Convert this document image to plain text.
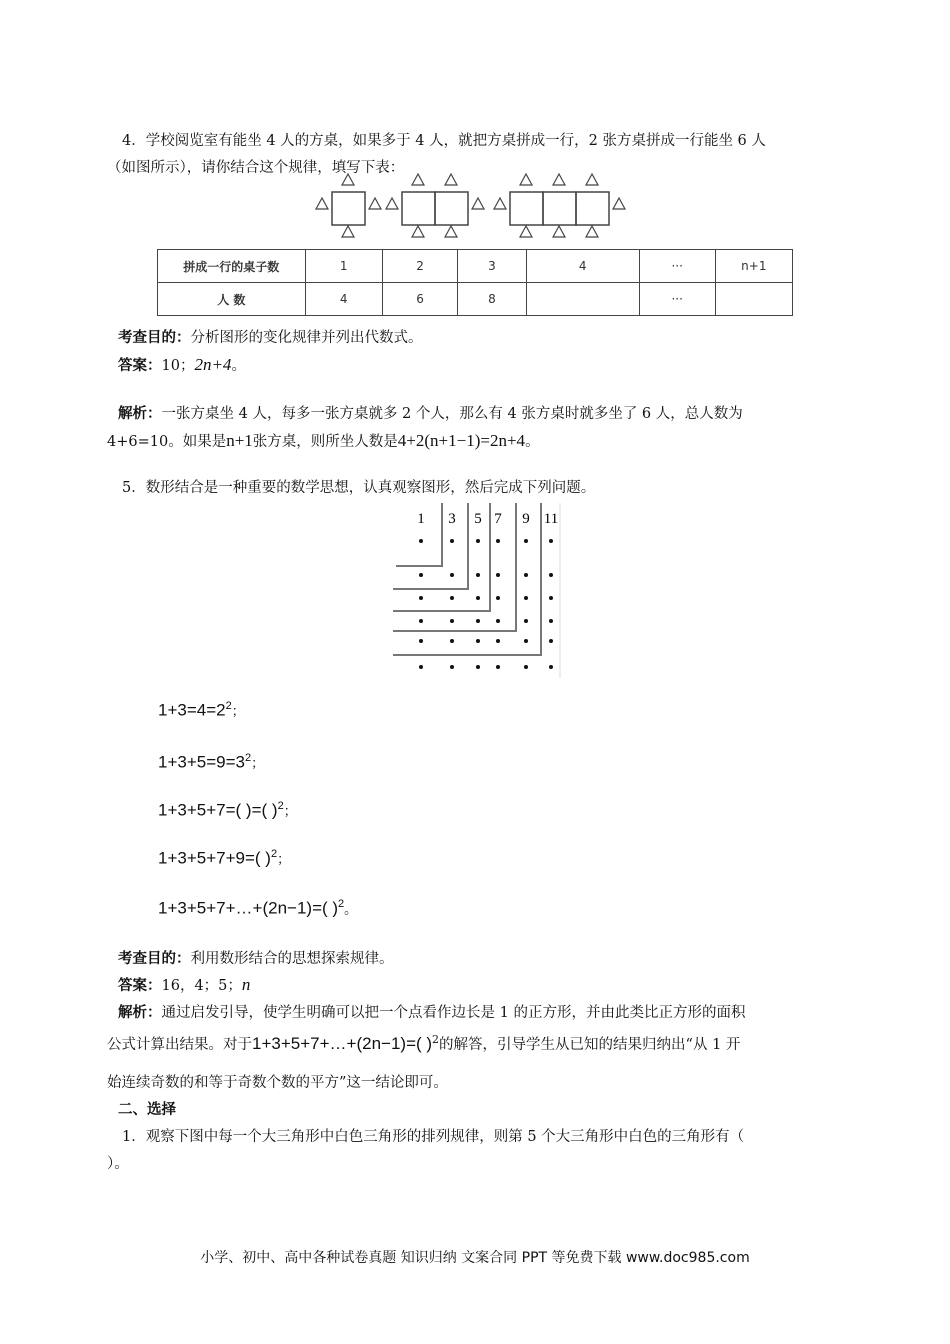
4．学校阅览室有能坐 4 人的方桌，如果多于 4 人，就把方桌拼成一行，2 张方桌拼成一行能坐 6 人
（如图所示），请你结合这个规律，填写下表：
拼成一行的桌子数	1	2	3	4	···	n+1
人 数	4	6	8		···	
考查目的：分析图形的变化规律并列出代数式。
答案：10；2n+4。
解析：一张方桌坐 4 人，每多一张方桌就多 2 个人，那么有 4 张方桌时就多坐了 6 人，总人数为
4+6=10。如果是n+1张方桌，则所坐人数是4+2(n+1−1)=2n+4。
5．数形结合是一种重要的数学思想，认真观察图形，然后完成下列问题。
1 3 5 7 9 11
$1+3=4=2^2$；
$1+3+5=9=3^2$；
1+3+5+7=( )=( )$^2$；
1+3+5+7+9=( )$^2$；
1+3+5+7+…+(2n−1)=( )$^2$。
考查目的：利用数形结合的思想探索规律。
答案：16，4；5；n
解析：通过启发引导，使学生明确可以把一个点看作边长是 1 的正方形，并由此类比正方形的面积
公式计算出结果。对于1+3+5+7+…+(2n−1)=( )$^2$的解答，引导学生从已知的结果归纳出“从 1 开
始连续奇数的和等于奇数个数的平方”这一结论即可。
二、选择
1．观察下图中每一个大三角形中白色三角形的排列规律，则第 5 个大三角形中白色的三角形有（
）。
小学、初中、高中各种试卷真题 知识归纳 文案合同 PPT 等免费下载 www.doc985.com
